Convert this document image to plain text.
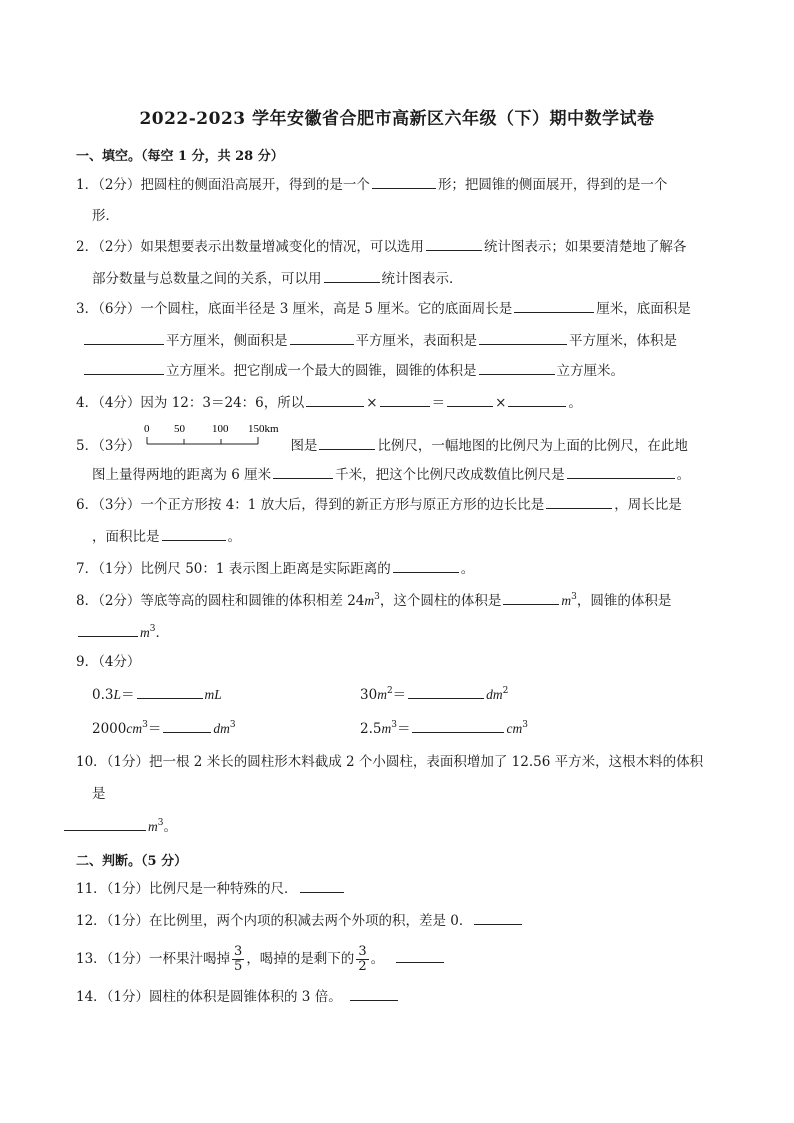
2022-2023 学年安徽省合肥市高新区六年级（下）期中数学试卷
一、填空。（每空 1 分，共 28 分）
1．（2分）把圆柱的侧面沿高展开，得到的是一个	形；把圆锥的侧面展开，得到的是一个
形．
2．（2分）如果想要表示出数量增减变化的情况，可以选用	统计图表示；如果要清楚地了解各
部分数量与总数量之间的关系，可以用	统计图表示．
3．（6分）一个圆柱，底面半径是 3 厘米，高是 5 厘米。它的底面周长是	厘米，底面积是
平方厘米，侧面积是	平方厘米，表面积是	平方厘米，体积是
立方厘米。把它削成一个最大的圆锥，圆锥的体积是	立方厘米。
4．（4分）因为 12：3＝24：6，所以	×	＝	×	。
5．（3分）
0 50 100 150km
图是	比例尺，一幅地图的比例尺为上面的比例尺，在此地
图上量得两地的距离为 6 厘米	千米，把这个比例尺改成数值比例尺是	。
6．（3分）一个正方形按 4：1 放大后，得到的新正方形与原正方形的边长比是	，周长比是
，面积比是	。
7．（1分）比例尺 50：1 表示图上距离是实际距离的	。
8．（2分）等底等高的圆柱和圆锥的体积相差 $24m^3$，这个圆柱的体积是	$m^3$，圆锥的体积是
$m^3$．
9．（4分）
0.3L＝	mL	$30m^2=$	$dm^2$
$2000cm^3=$	$dm^3$	$2.5m^3=$	$cm^3$
10．（1分）把一根 2 米长的圆柱形木料截成 2 个小圆柱，表面积增加了 12.56 平方米，这根木料的体积
是
$m^3$。
二、判断。（5 分）
11．（1分）比例尺是一种特殊的尺．
12．（1分）在比例里，两个内项的积减去两个外项的积，差是 0．
13．（1分）一杯果汁喝掉 $\frac{3}{5}$ ，喝掉的是剩下的 $\frac{3}{2}$ 。
14．（1分）圆柱的体积是圆锥体积的 3 倍。
